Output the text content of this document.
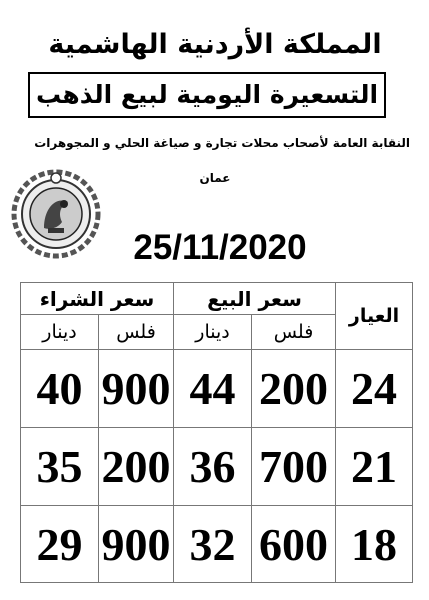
المملكة الأردنية الهاشمية
التسعيرة اليومية لبيع الذهب
النقابة العامة لأصحاب محلات تجارة و صياغة الحلي و المجوهرات
عمان
25/11/2020
سعر الشراء		سعر البيع		العيار
دينار	فلس	دينار	فلس	
40	900	44	200	24
35	200	36	700	21
29	900	32	600	18
